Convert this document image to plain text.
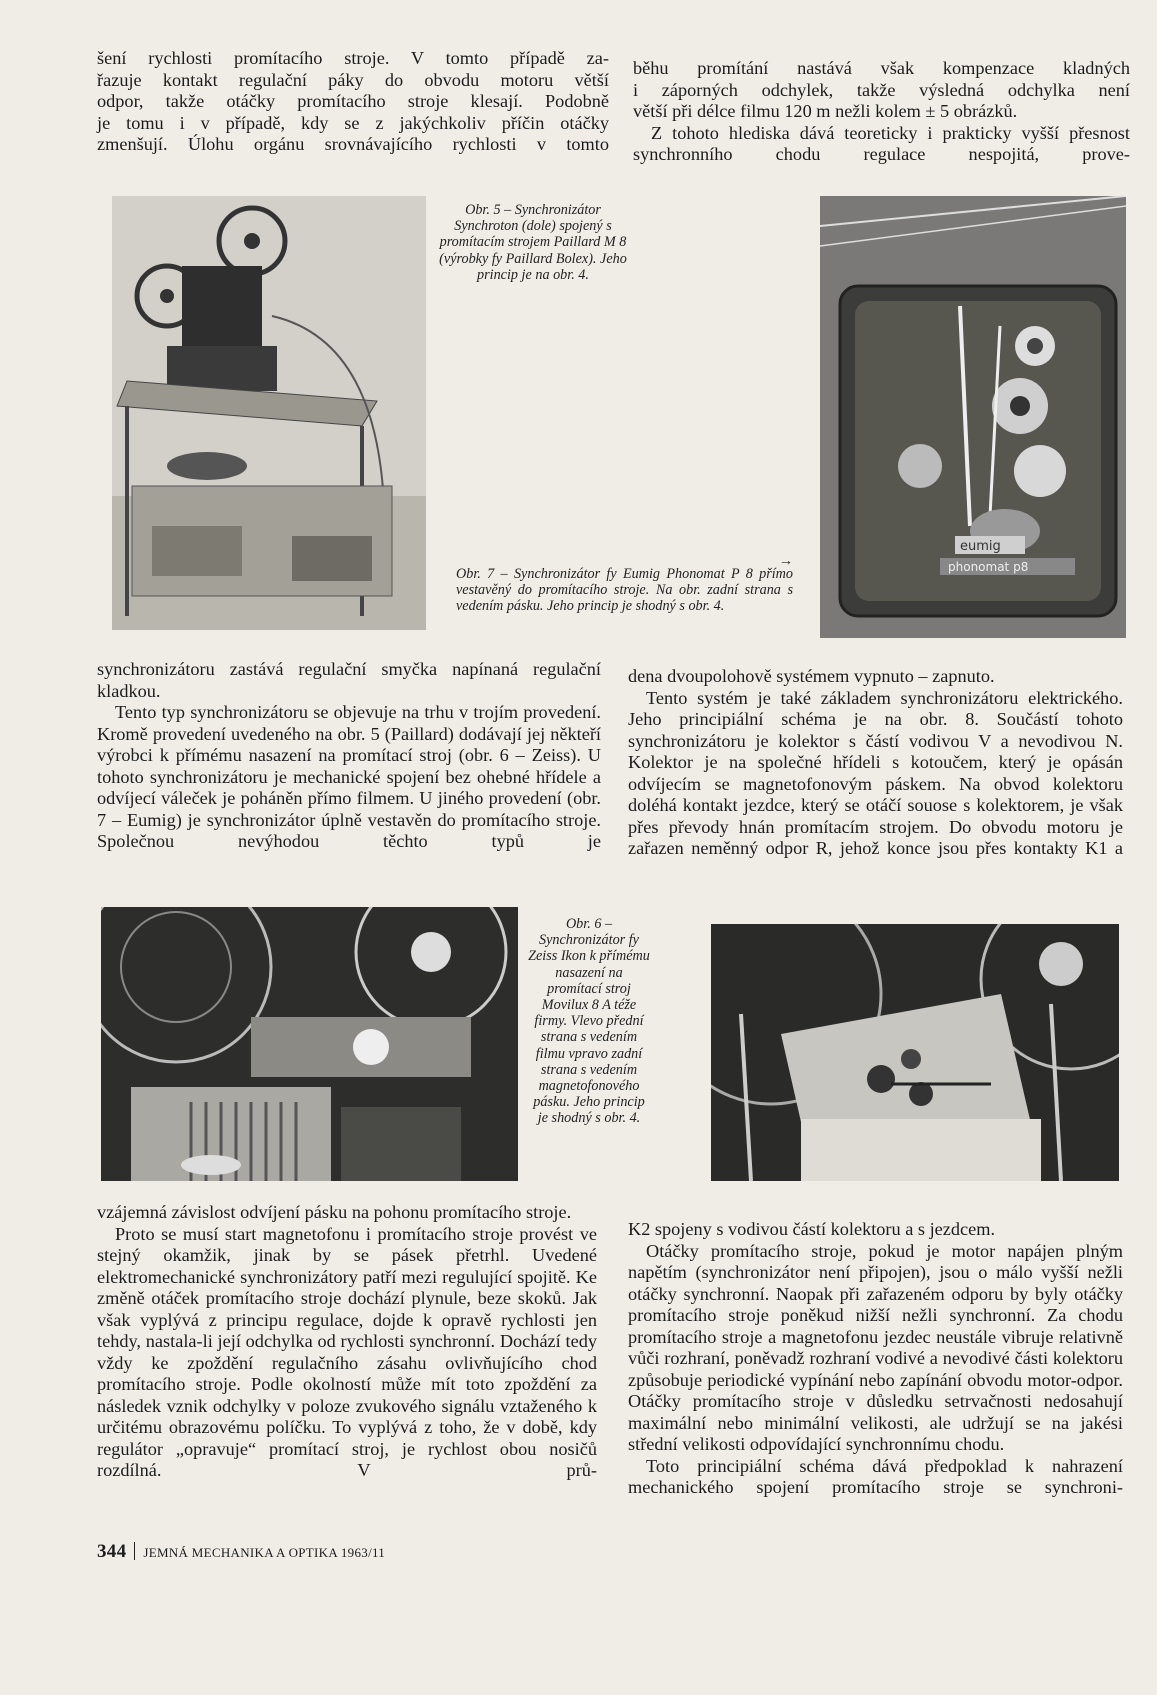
šení rychlosti promítacího stroje. V tomto případě za-

řazuje kontakt regulační páky do obvodu motoru větší

odpor, takže otáčky promítacího stroje klesají. Podobně

je tomu i v případě, kdy se z jakýchkoliv příčin otáčky

zmenšují. Úlohu orgánu srovnávajícího rychlosti v tomto

běhu promítání nastává však kompenzace kladných

i záporných odchylek, takže výsledná odchylka není

větší při délce filmu 120 m nežli kolem ± 5 obrázků.

Z tohoto hlediska dává teoreticky i prakticky vyšší přesnost synchronního chodu regulace nespojitá, prove-

Obr. 5 – Synchronizátor Synchroton (dole) spojený s promítacím strojem Paillard M 8 (výrobky fy Paillard Bolex). Jeho princip je na obr. 4.
eumig
phonomat p8
→
Obr. 7 – Synchronizátor fy Eumig Phonomat P 8 přímo vestavěný do promítacího stroje. Na obr. zadní strana s vedením pásku. Jeho princip je shodný s obr. 4.

synchronizátoru zastává regulační smyčka napínaná regulační kladkou.

Tento typ synchronizátoru se objevuje na trhu v trojím provedení. Kromě provedení uvedeného na obr. 5 (Paillard) dodávají jej někteří výrobci k přímému nasazení na promítací stroj (obr. 6 – Zeiss). U tohoto synchronizátoru je mechanické spojení bez ohebné hřídele a odvíjecí váleček je poháněn přímo filmem. U jiného provedení (obr. 7 – Eumig) je synchronizátor úplně vestavěn do promítacího stroje. Společnou nevýhodou těchto typů je

dena dvoupolohově systémem vypnuto – zapnuto.

Tento systém je také základem synchronizátoru elektrického. Jeho principiální schéma je na obr. 8. Součástí tohoto synchronizátoru je kolektor s částí vodivou V a nevodivou N. Kolektor je na společné hřídeli s kotoučem, který je opásán odvíjecím se magnetofonovým páskem. Na obvod kolektoru doléhá kontakt jezdce, který se otáčí souose s kolektorem, je však přes převody hnán promítacím strojem. Do obvodu motoru je zařazen neměnný odpor R, jehož konce jsou přes kontakty K1 a

Obr. 6 – Synchronizátor fy Zeiss Ikon k přímému nasazení na promítací stroj Movilux 8 A téže firmy. Vlevo přední strana s vedením filmu vpravo zadní strana s vedením magnetofonového pásku. Jeho princip je shodný s obr. 4.

vzájemná závislost odvíjení pásku na pohonu promítacího stroje.

Proto se musí start magnetofonu i promítacího stroje provést ve stejný okamžik, jinak by se pásek přetrhl. Uvedené elektromechanické synchronizátory patří mezi regulující spojitě. Ke změně otáček promítacího stroje dochází plynule, beze skoků. Jak však vyplývá z principu regulace, dojde k opravě rychlosti jen tehdy, nastala-li její odchylka od rychlosti synchronní. Dochází tedy vždy ke zpoždění regulačního zásahu ovlivňujícího chod promítacího stroje. Podle okolností může mít toto zpoždění za následek vznik odchylky v poloze zvukového signálu vztaženého k určitému obrazovému políčku. To vyplývá z toho, že v době, kdy regulátor „opravuje“ promítací stroj, je rychlost obou nosičů rozdílná. V prů-

K2 spojeny s vodivou částí kolektoru a s jezdcem.

Otáčky promítacího stroje, pokud je motor napájen plným napětím (synchronizátor není připojen), jsou o málo vyšší nežli otáčky synchronní. Naopak při zařazeném odporu by byly otáčky promítacího stroje poněkud nižší nežli synchronní. Za chodu promítacího stroje a magnetofonu jezdec neustále vibruje relativně vůči rozhraní, poněvadž rozhraní vodivé a nevodivé části kolektoru způsobuje periodické vypínání nebo zapínání obvodu motor-odpor. Otáčky promítacího stroje v důsledku setrvačnosti nedosahují maximální nebo minimální velikosti, ale udržují se na jakési střední velikosti odpovídající synchronnímu chodu.

Toto principiální schéma dává předpoklad k nahrazení mechanického spojení promítacího stroje se synchroni-

344 JEMNÁ MECHANIKA A OPTIKA 1963/11
